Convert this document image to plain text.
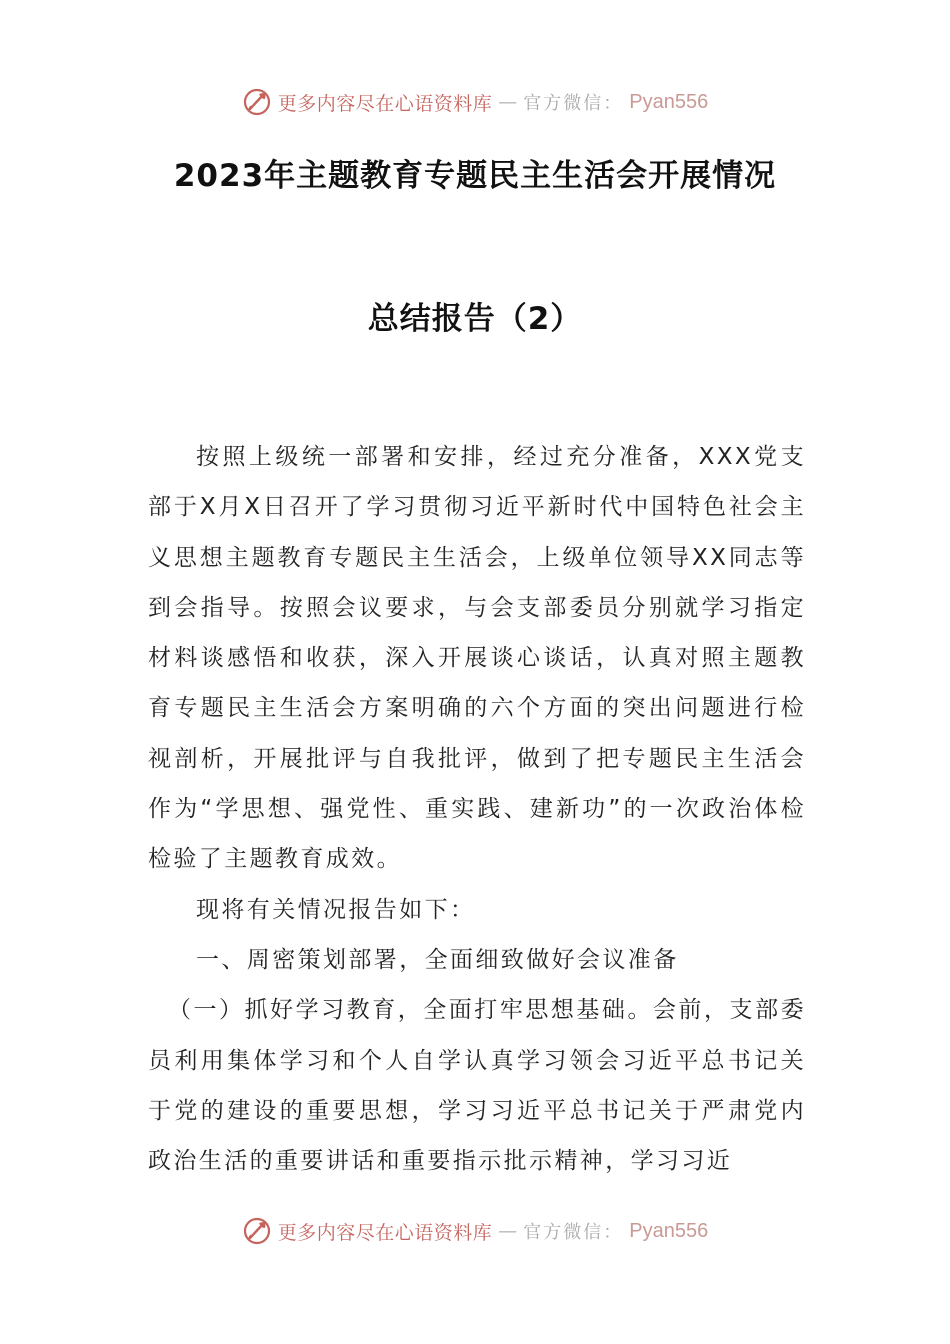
更多内容尽在心语资料库 — 官方微信： Pyan556
2023年主题教育专题民主生活会开展情况
总结报告（2）

按照上级统一部署和安排，经过充分准备，XXX党支部于X月X日召开了学习贯彻习近平新时代中国特色社会主义思想主题教育专题民主生活会，上级单位领导XX同志等到会指导。按照会议要求，与会支部委员分别就学习指定材料谈感悟和收获，深入开展谈心谈话，认真对照主题教育专题民主生活会方案明确的六个方面的突出问题进行检视剖析，开展批评与自我批评，做到了把专题民主生活会作为“学思想、强党性、重实践、建新功”的一次政治体检检验了主题教育成效。

现将有关情况报告如下：

一、周密策划部署，全面细致做好会议准备

（一）抓好学习教育，全面打牢思想基础。会前，支部委员利用集体学习和个人自学认真学习领会习近平总书记关于党的建设的重要思想，学习习近平总书记关于严肃党内政治生活的重要讲话和重要指示批示精神，学习习近

更多内容尽在心语资料库 — 官方微信： Pyan556
